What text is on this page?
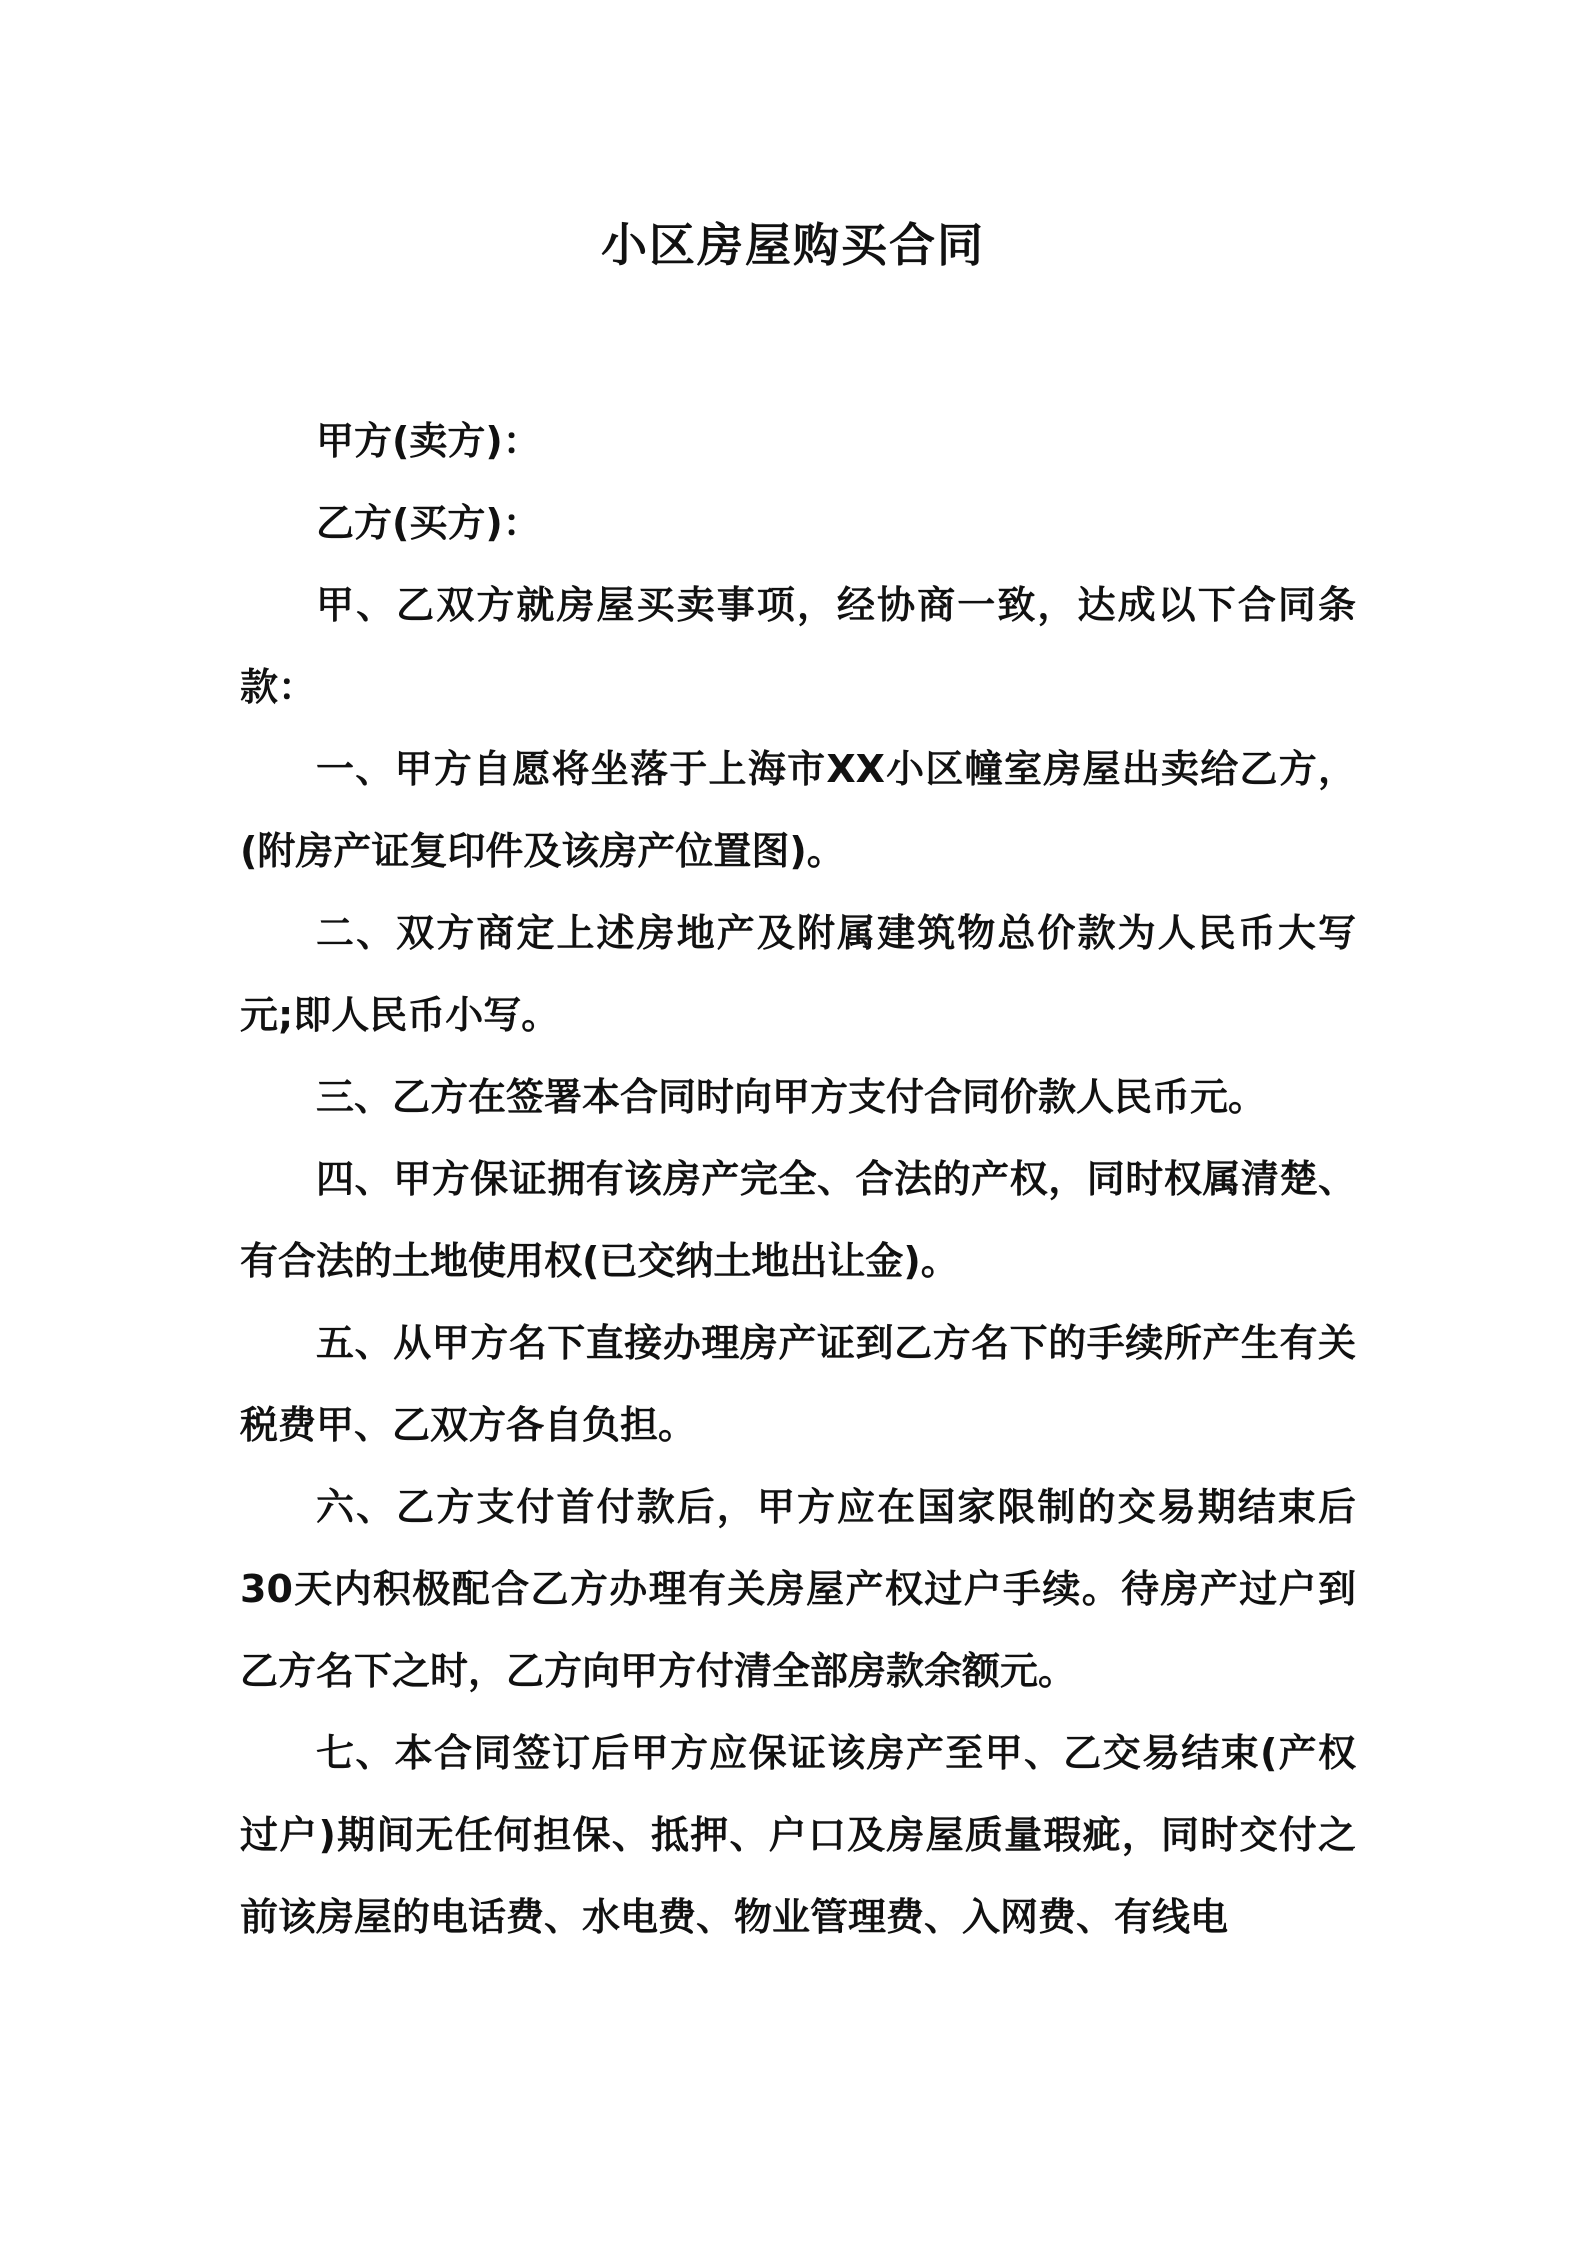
小区房屋购买合同

甲方(卖方)：

乙方(买方)：

甲、乙双方就房屋买卖事项，经协商一致，达成以下合同条款：

一、甲方自愿将坐落于上海市XX小区幢室房屋出卖给乙方，(附房产证复印件及该房产位置图)。

二、双方商定上述房地产及附属建筑物总价款为人民币大写元;即人民币小写。

三、乙方在签署本合同时向甲方支付合同价款人民币元。

四、甲方保证拥有该房产完全、合法的产权，同时权属清楚、有合法的土地使用权(已交纳土地出让金)。

五、从甲方名下直接办理房产证到乙方名下的手续所产生有关税费甲、乙双方各自负担。

六、乙方支付首付款后，甲方应在国家限制的交易期结束后30天内积极配合乙方办理有关房屋产权过户手续。待房产过户到乙方名下之时，乙方向甲方付清全部房款余额元。

七、本合同签订后甲方应保证该房产至甲、乙交易结束(产权过户)期间无任何担保、抵押、户口及房屋质量瑕疵，同时交付之前该房屋的电话费、水电费、物业管理费、入网费、有线电
